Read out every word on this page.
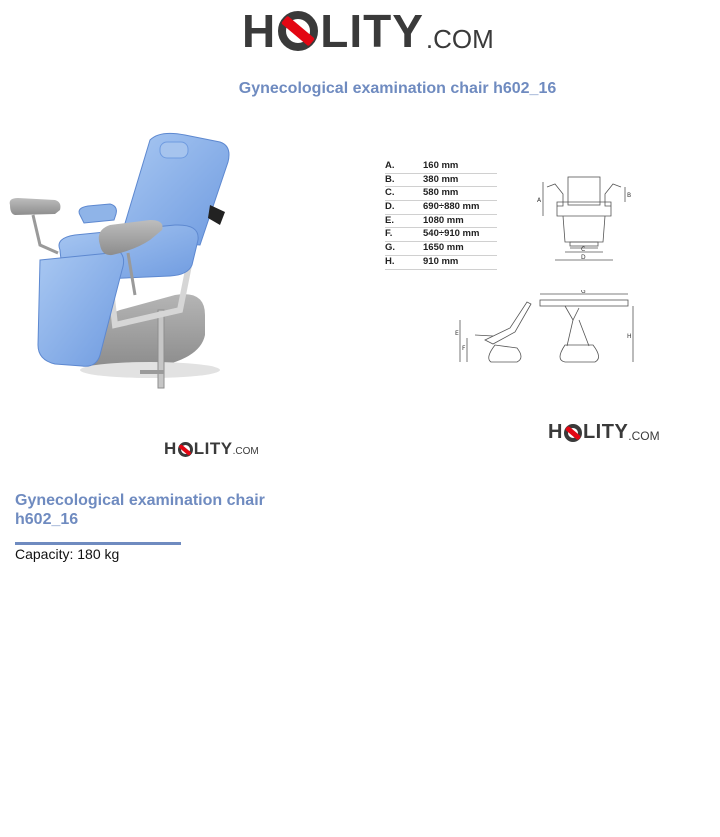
H LITY .COM
Gynecological examination chair h602_16
H LITY .COM
A.	160 mm
B.	380 mm
C.	580 mm
D.	690÷880 mm
E.	1080 mm
F.	540÷910 mm
G.	1650 mm
H.	910 mm
A
B
C
D
E
F
G
H
H LITY .COM
Gynecological examination chair h602_16
Capacity: 180 kg
